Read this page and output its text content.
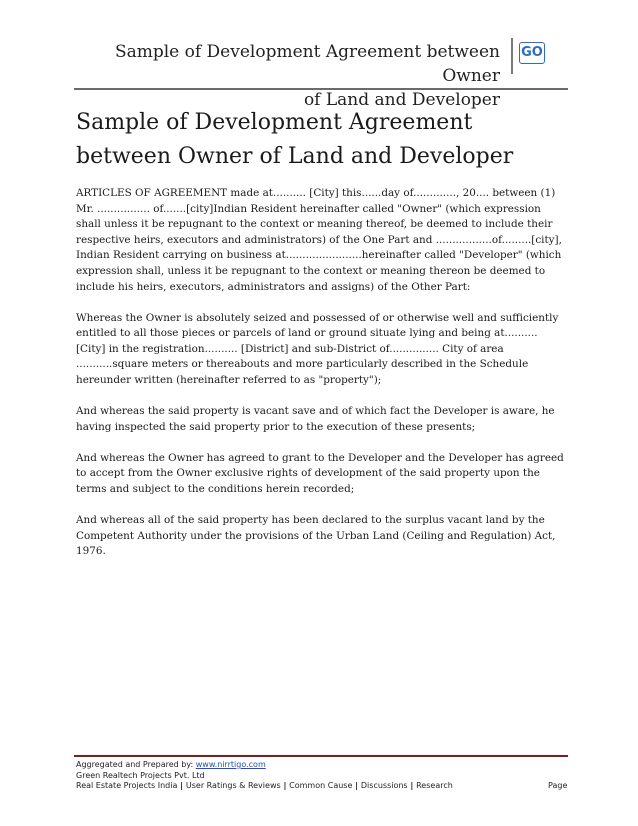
Sample of Development Agreement between Owner
of Land and Developer
GO
Sample of Development Agreement between Owner of Land and Developer

ARTICLES OF AGREEMENT made at.......... [City] this......day of............., 20.... between (1) Mr. ................ of.......[city]Indian Resident hereinafter called "Owner" (which expression shall unless it be repugnant to the context or meaning thereof, be deemed to include their respective heirs, executors and administrators) of the One Part and .................of.........[city], Indian Resident carrying on business at.......................hereinafter called "Developer" (which expression shall, unless it be repugnant to the context or meaning thereon be deemed to include his heirs, executors, administrators and assigns) of the Other Part:

Whereas the Owner is absolutely seized and possessed of or otherwise well and sufficiently entitled to all those pieces or parcels of land or ground situate lying and being at.......... [City] in the registration.......... [District] and sub-District of............... City of area ...........square meters or thereabouts and more particularly described in the Schedule hereunder written (hereinafter referred to as "property");

And whereas the said property is vacant save and of which fact the Developer is aware, he having inspected the said property prior to the execution of these presents;

And whereas the Owner has agreed to grant to the Developer and the Developer has agreed to accept from the Owner exclusive rights of development of the said property upon the terms and subject to the conditions herein recorded;

And whereas all of the said property has been declared to the surplus vacant land by the Competent Authority under the provisions of the Urban Land (Ceiling and Regulation) Act, 1976.

Aggregated and Prepared by: www.nirrtigo.com
Green Realtech Projects Pvt. Ltd
Real Estate Projects India | User Ratings & Reviews | Common Cause | Discussions | Research	Page
